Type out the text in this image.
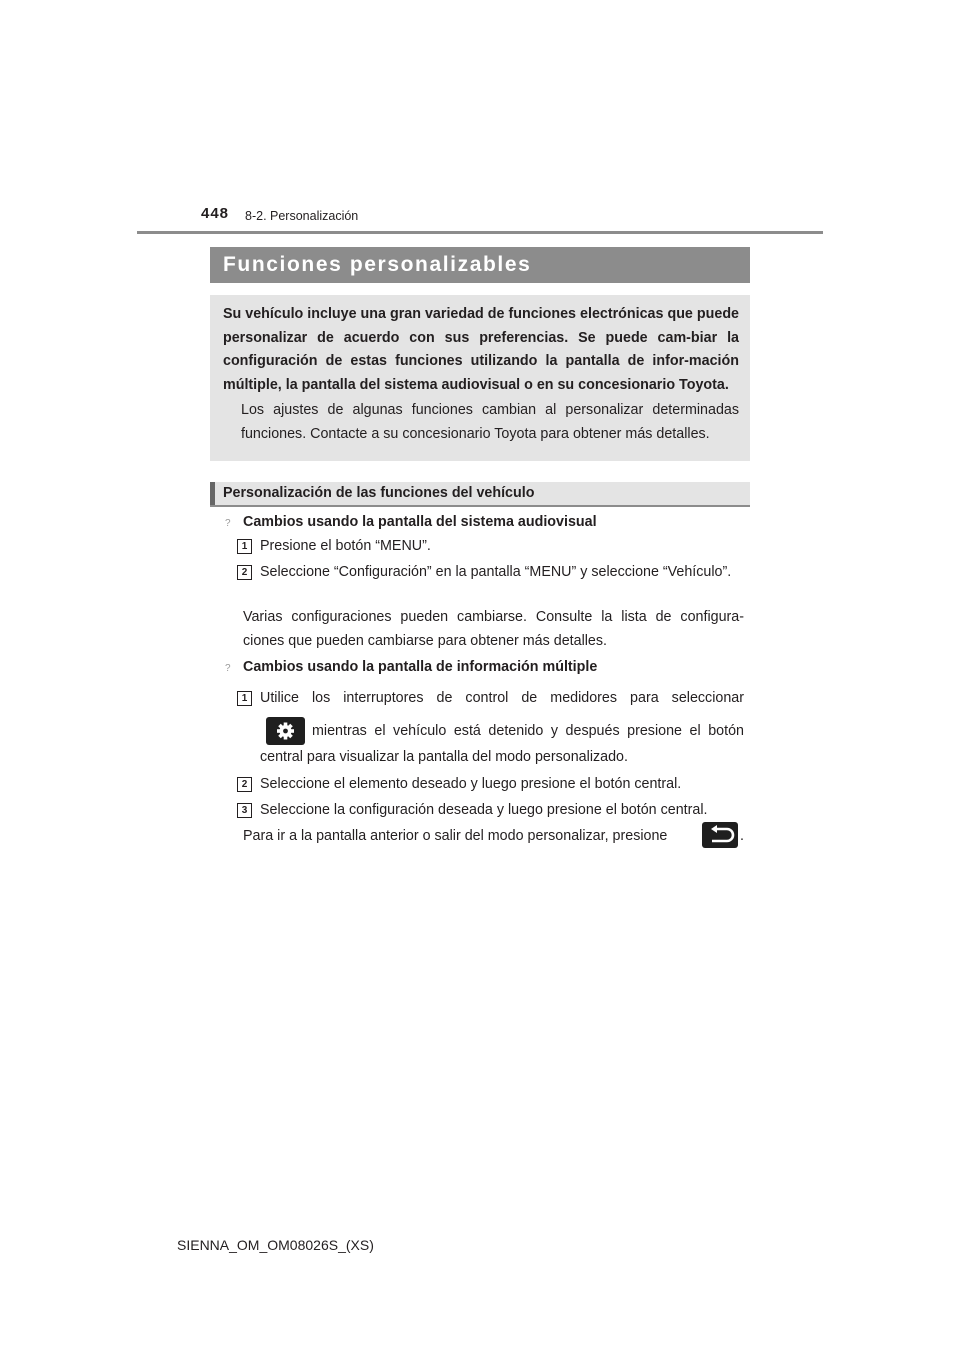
448 8-2. Personalización
Funciones personalizables
Su vehículo incluye una gran variedad de funciones electrónicas que puede personalizar de acuerdo con sus preferencias. Se puede cam-biar la configuración de estas funciones utilizando la pantalla de infor-mación múltiple, la pantalla del sistema audiovisual o en su concesionario Toyota.
Los ajustes de algunas funciones cambian al personalizar determinadas funciones. Contacte a su concesionario Toyota para obtener más detalles.
Personalización de las funciones del vehículo
? Cambios usando la pantalla del sistema audiovisual
1 Presione el botón “MENU”.
2 Seleccione “Configuración” en la pantalla “MENU” y seleccione “Vehículo”.
Varias configuraciones pueden cambiarse. Consulte la lista de configura-ciones que pueden cambiarse para obtener más detalles.
? Cambios usando la pantalla de información múltiple
1 Utilice los interruptores de control de medidores para seleccionar
mientras el vehículo está detenido y después presione el botón
central para visualizar la pantalla del modo personalizado.
2 Seleccione el elemento deseado y luego presione el botón central.
3 Seleccione la configuración deseada y luego presione el botón central.
Para ir a la pantalla anterior o salir del modo personalizar, presione	.
SIENNA_OM_OM08026S_(XS)
